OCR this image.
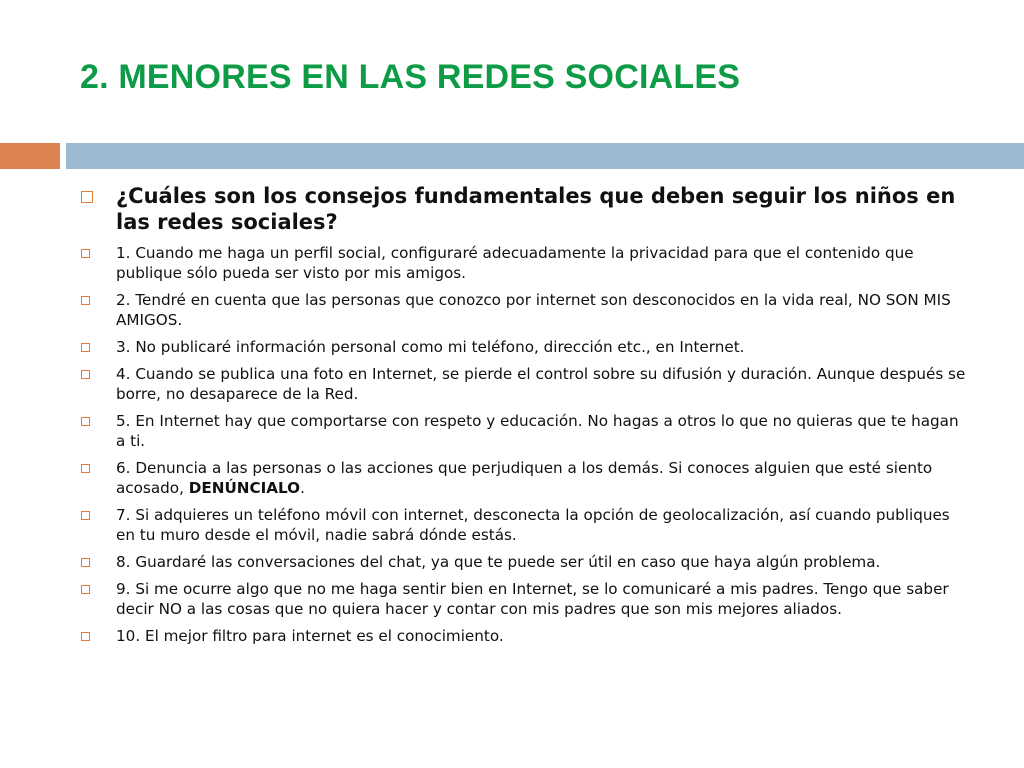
2. MENORES EN LAS REDES SOCIALES
¿Cuáles son los consejos fundamentales que deben seguir los niños en las redes sociales?
1. Cuando me haga un perfil social, configuraré adecuadamente la privacidad para que el contenido que publique sólo pueda ser visto por mis amigos.
2. Tendré en cuenta que las personas que conozco por internet son desconocidos en la vida real, NO SON MIS AMIGOS.
3. No publicaré información personal como mi teléfono, dirección etc., en Internet.
4. Cuando se publica una foto en Internet, se pierde el control sobre su difusión y duración. Aunque después se borre, no desaparece de la Red.
5. En Internet hay que comportarse con respeto y educación. No hagas a otros lo que no quieras que te hagan a ti.
6. Denuncia a las personas o las acciones que perjudiquen a los demás. Si conoces alguien que esté siento acosado, DENÚNCIALO.
7. Si adquieres un teléfono móvil con internet, desconecta la opción de geolocalización, así cuando publiques en tu muro desde el móvil, nadie sabrá dónde estás.
8. Guardaré las conversaciones del chat, ya que te puede ser útil en caso que haya algún problema.
9. Si me ocurre algo que no me haga sentir bien en Internet, se lo comunicaré a mis padres. Tengo que saber decir NO a las cosas que no quiera hacer y contar con mis padres que son mis mejores aliados.
10. El mejor filtro para internet es el conocimiento.
